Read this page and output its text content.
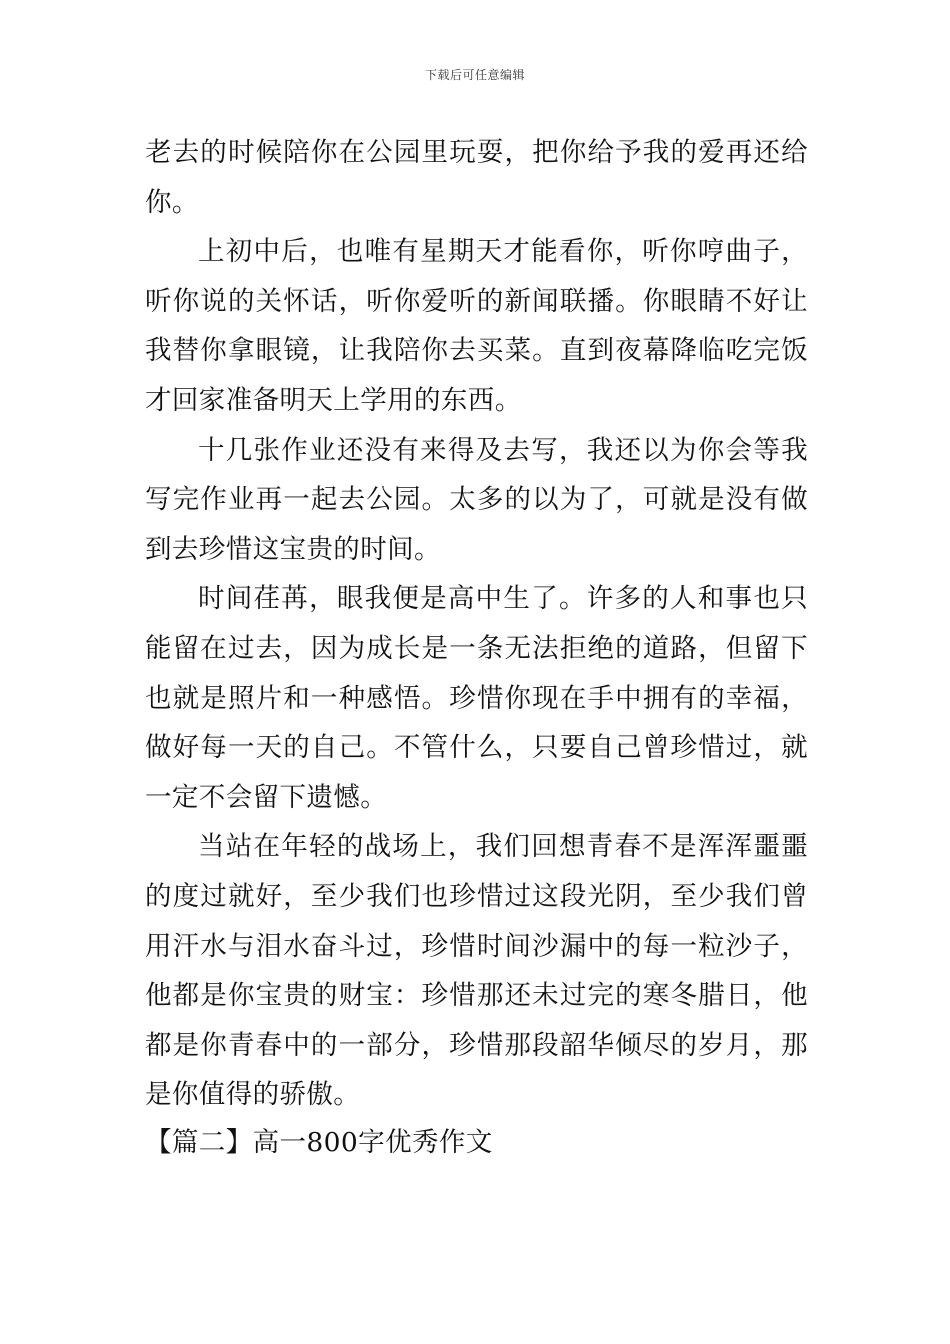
下载后可任意编辑

老去的时候陪你在公园里玩耍，把你给予我的爱再还给你。

上初中后，也唯有星期天才能看你，听你哼曲子，听你说的关怀话，听你爱听的新闻联播。你眼睛不好让我替你拿眼镜，让我陪你去买菜。直到夜幕降临吃完饭才回家准备明天上学用的东西。

十几张作业还没有来得及去写，我还以为你会等我写完作业再一起去公园。太多的以为了，可就是没有做到去珍惜这宝贵的时间。

时间荏苒，眼我便是高中生了。许多的人和事也只能留在过去，因为成长是一条无法拒绝的道路，但留下也就是照片和一种感悟。珍惜你现在手中拥有的幸福，做好每一天的自己。不管什么，只要自己曾珍惜过，就一定不会留下遗憾。

当站在年轻的战场上，我们回想青春不是浑浑噩噩的度过就好，至少我们也珍惜过这段光阴，至少我们曾用汗水与泪水奋斗过，珍惜时间沙漏中的每一粒沙子，他都是你宝贵的财宝：珍惜那还未过完的寒冬腊日，他都是你青春中的一部分，珍惜那段韶华倾尽的岁月，那是你值得的骄傲。

【篇二】高一800字优秀作文
